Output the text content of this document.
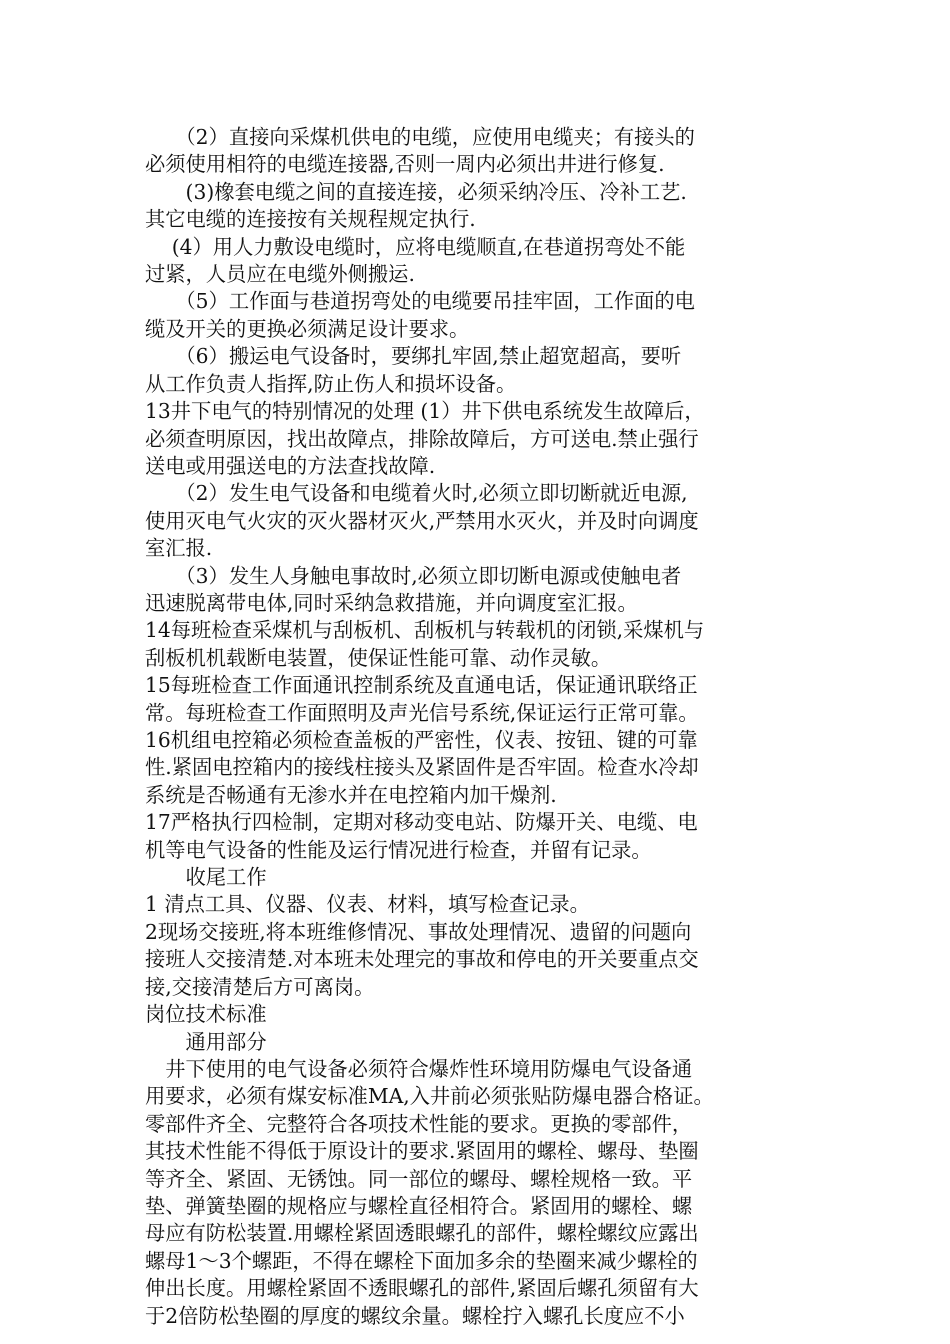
　　（2）直接向采煤机供电的电缆，应使用电缆夹；有接头的
必须使用相符的电缆连接器,否则一周内必须出井进行修复.
　　(3)橡套电缆之间的直接连接，必须采纳冷压、冷补工艺.
其它电缆的连接按有关规程规定执行.
　 (4）用人力敷设电缆时，应将电缆顺直,在巷道拐弯处不能
过紧，人员应在电缆外侧搬运.
　　（5）工作面与巷道拐弯处的电缆要吊挂牢固，工作面的电
缆及开关的更换必须满足设计要求。
　　（6）搬运电气设备时，要绑扎牢固,禁止超宽超高，要听
从工作负责人指挥,防止伤人和损坏设备。
13井下电气的特别情况的处理 (1）井下供电系统发生故障后，
必须查明原因，找出故障点，排除故障后，方可送电.禁止强行
送电或用强送电的方法查找故障.
　　（2）发生电气设备和电缆着火时,必须立即切断就近电源,
使用灭电气火灾的灭火器材灭火,严禁用水灭火，并及时向调度
室汇报.
　　（3）发生人身触电事故时,必须立即切断电源或使触电者
迅速脱离带电体,同时采纳急救措施，并向调度室汇报。
14每班检查采煤机与刮板机、刮板机与转载机的闭锁,采煤机与
刮板机机载断电装置，使保证性能可靠、动作灵敏。
15每班检查工作面通讯控制系统及直通电话，保证通讯联络正
常。每班检查工作面照明及声光信号系统,保证运行正常可靠。
16机组电控箱必须检查盖板的严密性，仪表、按钮、键的可靠
性.紧固电控箱内的接线柱接头及紧固件是否牢固。检查水冷却
系统是否畅通有无渗水并在电控箱内加干燥剂.
17严格执行四检制，定期对移动变电站、防爆开关、电缆、电
机等电气设备的性能及运行情况进行检查，并留有记录。
　　收尾工作
1 清点工具、仪器、仪表、材料，填写检查记录。
2现场交接班,将本班维修情况、事故处理情况、遗留的问题向
接班人交接清楚.对本班未处理完的事故和停电的开关要重点交
接,交接清楚后方可离岗。
岗位技术标准
　　通用部分
　井下使用的电气设备必须符合爆炸性环境用防爆电气设备通
用要求，必须有煤安标准MA,入井前必须张贴防爆电器合格证。
零部件齐全、完整符合各项技术性能的要求。更换的零部件，
其技术性能不得低于原设计的要求.紧固用的螺栓、螺母、垫圈
等齐全、紧固、无锈蚀。同一部位的螺母、螺栓规格一致。平
垫、弹簧垫圈的规格应与螺栓直径相符合。紧固用的螺栓、螺
母应有防松装置.用螺栓紧固透眼螺孔的部件，螺栓螺纹应露出
螺母1～3个螺距，不得在螺栓下面加多余的垫圈来减少螺栓的
伸出长度。用螺栓紧固不透眼螺孔的部件,紧固后螺孔须留有大
于2倍防松垫圈的厚度的螺纹余量。螺栓拧入螺孔长度应不小
